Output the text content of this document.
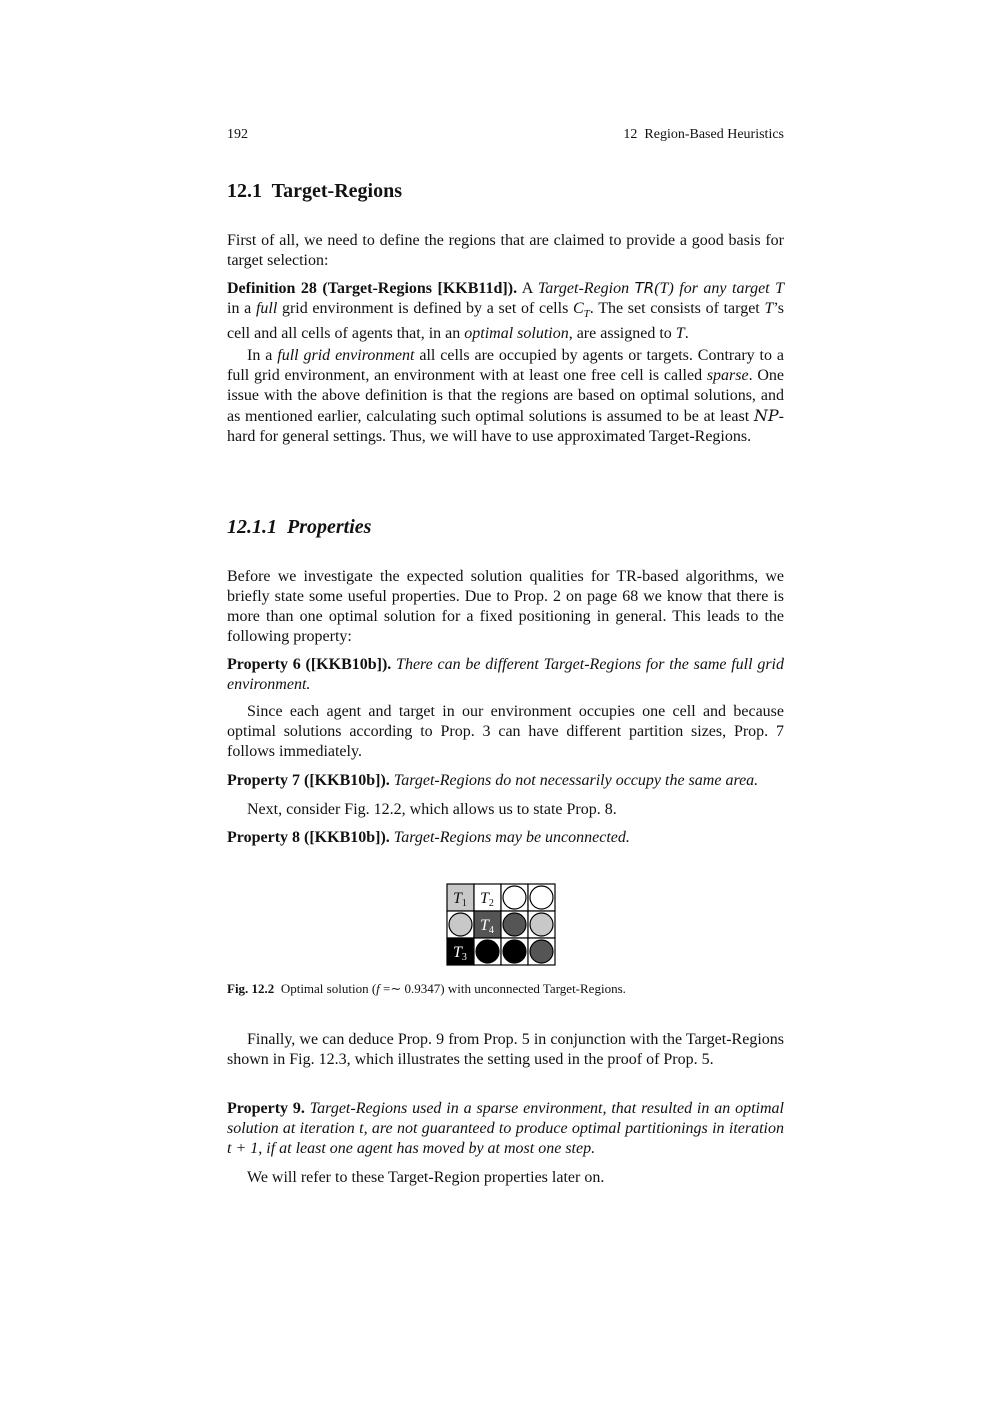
192	12  Region-Based Heuristics
12.1  Target-Regions

First of all, we need to define the regions that are claimed to provide a good basis for target selection:

Definition 28 (Target-Regions [KKB11d]). A Target-Region TR(T) for any target T in a full grid environment is defined by a set of cells $C_T$. The set consists of target T’s cell and all cells of agents that, in an optimal solution, are assigned to T.

In a full grid environment all cells are occupied by agents or targets. Contrary to a full grid environment, an environment with at least one free cell is called sparse. One issue with the above definition is that the regions are based on optimal solutions, and as mentioned earlier, calculating such optimal solutions is assumed to be at least NP-hard for general settings. Thus, we will have to use approximated Target-Regions.

12.1.1  Properties

Before we investigate the expected solution qualities for TR-based algorithms, we briefly state some useful properties. Due to Prop. 2 on page 68 we know that there is more than one optimal solution for a fixed positioning in general. This leads to the following property:

Property 6 ([KKB10b]). There can be different Target-Regions for the same full grid environment.

Since each agent and target in our environment occupies one cell and because optimal solutions according to Prop. 3 can have different partition sizes, Prop. 7 follows immediately.

Property 7 ([KKB10b]). Target-Regions do not necessarily occupy the same area.

Next, consider Fig. 12.2, which allows us to state Prop. 8.

Property 8 ([KKB10b]). Target-Regions may be unconnected.

T1 T2
T4
T3
Fig. 12.2  Optimal solution (f =∼ 0.9347) with unconnected Target-Regions.

Finally, we can deduce Prop. 9 from Prop. 5 in conjunction with the Target-Regions shown in Fig. 12.3, which illustrates the setting used in the proof of Prop. 5.

Property 9. Target-Regions used in a sparse environment, that resulted in an optimal solution at iteration t, are not guaranteed to produce optimal partitionings in iteration t + 1, if at least one agent has moved by at most one step.

We will refer to these Target-Region properties later on.
